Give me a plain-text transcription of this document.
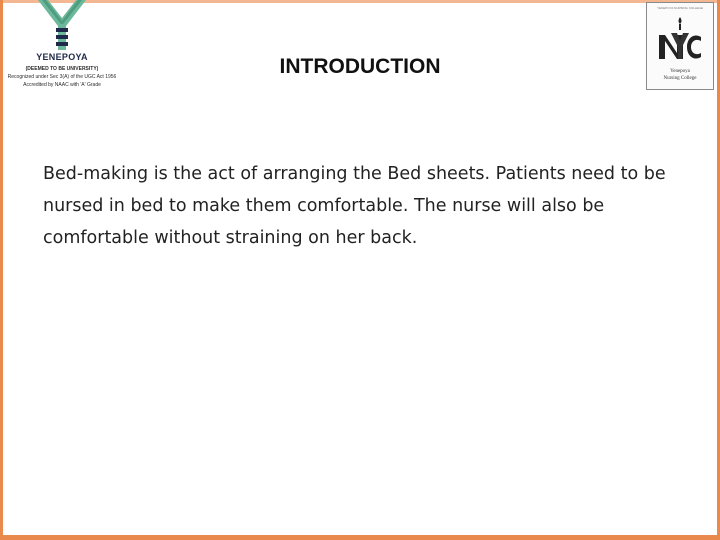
YENEPOYA
(DEEMED TO BE UNIVERSITY)
Recognized under Sec 3(A) of the UGC Act 1956
Accredited by NAAC with 'A' Grade
YENEPOYA NURSING COLLEGE
Yenepoya
Nursing College
INTRODUCTION
Bed-making is the act of arranging the Bed sheets. Patients need to be nursed in bed to make them comfortable. The nurse will also be comfortable without straining on her back.
